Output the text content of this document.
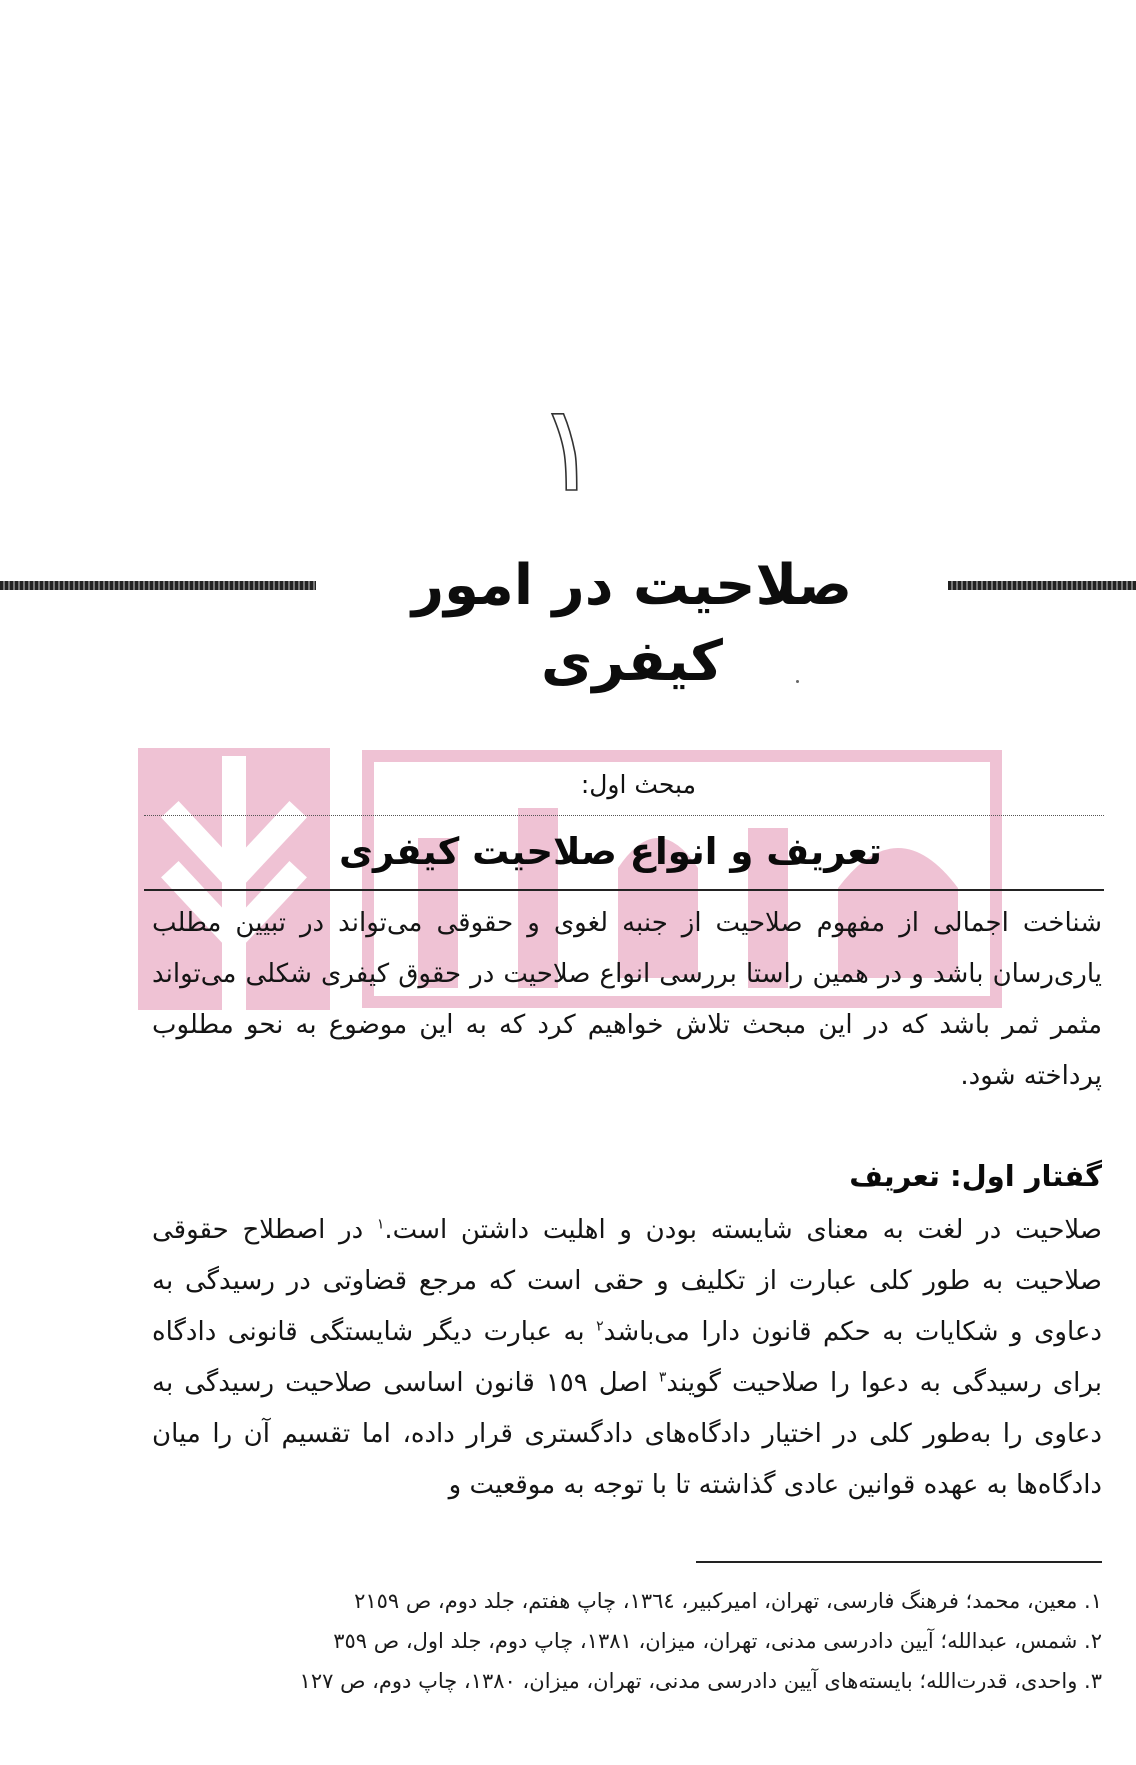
١
صلاحیت در امور کیفری
مبحث اول:
تعریف و انواع صلاحیت کیفری

شناخت اجمالی از مفهوم صلاحیت از جنبه لغوی و حقوقی می‌تواند در تبیین مطلب یاری‌رسان باشد و در همین راستا بررسی انواع صلاحیت در حقوق کیفری شکلی می‌تواند مثمر ثمر باشد که در این مبحث تلاش خواهیم کرد که به این موضوع به نحو مطلوب پرداخته شود.

گفتار اول: تعریف

صلاحیت در لغت به معنای شایسته بودن و اهلیت داشتن است.$^١$ در اصطلاح حقوقی صلاحیت به طور کلی عبارت از تکلیف و حقی است که مرجع قضاوتی در رسیدگی به دعاوی و شکایات به حکم قانون دارا می‌باشد$^٢$ به عبارت دیگر شایستگی قانونی دادگاه برای رسیدگی به دعوا را صلاحیت گویند$^٣$ اصل ١٥٩ قانون اساسی صلاحیت رسیدگی به دعاوی را به‌طور کلی در اختیار دادگاه‌های دادگستری قرار داده، اما تقسیم آن را میان دادگاه‌ها به عهده قوانین عادی گذاشته تا با توجه به موقعیت و

١. معین، محمد؛ فرهنگ فارسی، تهران، امیرکبیر، ١٣٦٤، چاپ هفتم، جلد دوم، ص ٢١٥٩
٢. شمس، عبدالله؛ آیین دادرسی مدنی، تهران، میزان، ١٣٨١، چاپ دوم، جلد اول، ص ٣٥٩
٣. واحدی، قدرت‌الله؛ بایسته‌های آیین دادرسی مدنی، تهران، میزان، ١٣٨٠، چاپ دوم، ص ١٢٧
